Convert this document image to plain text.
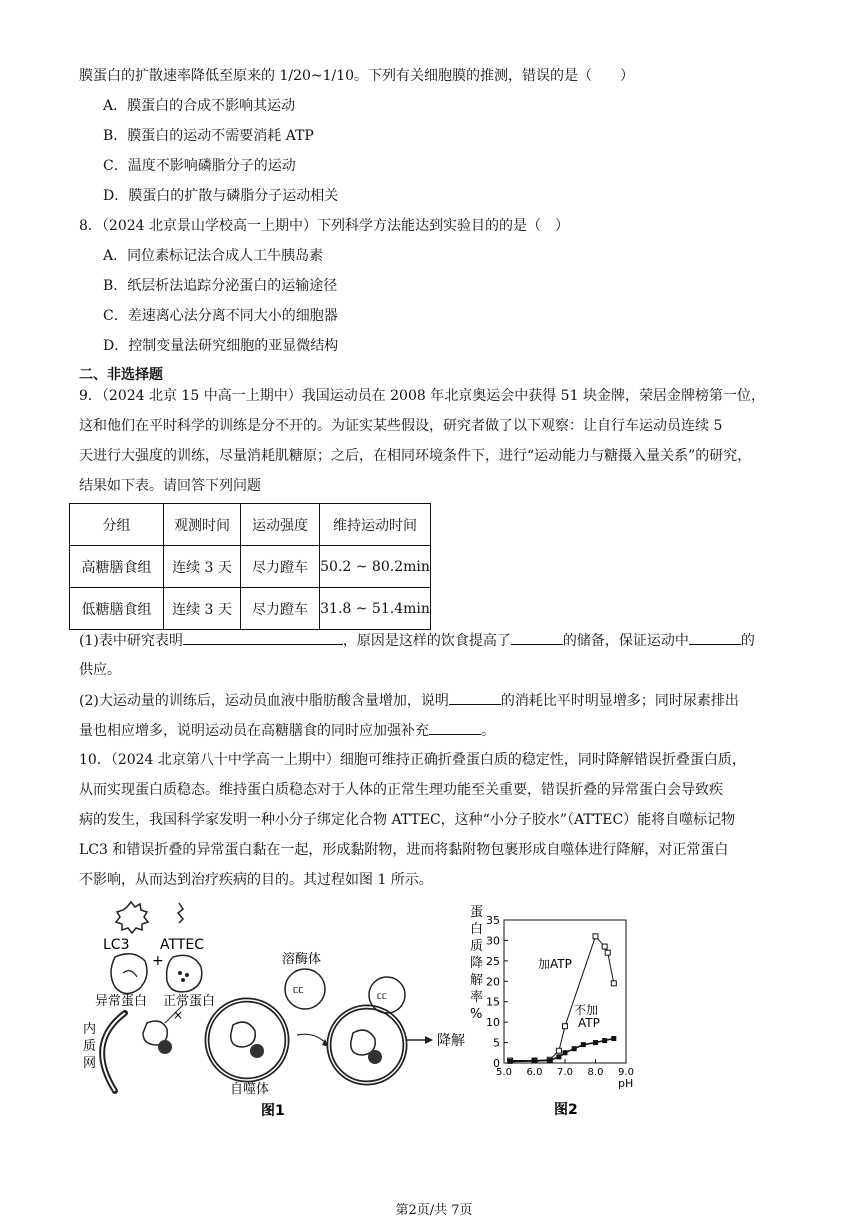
膜蛋白的扩散速率降低至原来的 1/20~1/10。下列有关细胞膜的推测，错误的是（　　）
A．膜蛋白的合成不影响其运动
B．膜蛋白的运动不需要消耗 ATP
C．温度不影响磷脂分子的运动
D．膜蛋白的扩散与磷脂分子运动相关
8．（2024 北京景山学校高一上期中）下列科学方法能达到实验目的的是（　）
A．同位素标记法合成人工牛胰岛素
B．纸层析法追踪分泌蛋白的运输途径
C．差速离心法分离不同大小的细胞器
D．控制变量法研究细胞的亚显微结构
二、非选择题
9．（2024 北京 15 中高一上期中）我国运动员在 2008 年北京奥运会中获得 51 块金牌，荣居金牌榜第一位，
这和他们在平时科学的训练是分不开的。为证实某些假设，研究者做了以下观察：让自行车运动员连续 5
天进行大强度的训练，尽量消耗肌糖原；之后，在相同环境条件下，进行“运动能力与糖摄入量关系”的研究，
结果如下表。请回答下列问题
分组	观测时间	运动强度	维持运动时间
高糖膳食组	连续 3 天	尽力蹬车	50.2 ~ 80.2min
低糖膳食组	连续 3 天	尽力蹬车	31.8 ~ 51.4min
(1)表中研究表明	，原因是这样的饮食提高了	的储备，保证运动中	的
供应。
(2)大运动量的训练后，运动员血液中脂肪酸含量增加，说明	的消耗比平时明显增多；同时尿素排出
量也相应增多，说明运动员在高糖膳食的同时应加强补充	。
10．（2024 北京第八十中学高一上期中）细胞可维持正确折叠蛋白质的稳定性，同时降解错误折叠蛋白质，
从而实现蛋白质稳态。维持蛋白质稳态对于人体的正常生理功能至关重要，错误折叠的异常蛋白会导致疾
病的发生，我国科学家发明一种小分子绑定化合物 ATTEC，这种“小分子胶水”（ATTEC）能将自噬标记物
LC3 和错误折叠的异常蛋白黏在一起，形成黏附物，进而将黏附物包裹形成自噬体进行降解，对正常蛋白
不影响，从而达到治疗疾病的目的。其过程如图 1 所示。
LC3 ATTEC
+
异常蛋白 正常蛋白
×
内
质
网
自噬体
溶酶体
ᥴᥴ
ᥴᥴ
降解
图1
蛋
白
质
降
解
率
%
0
5
10
15
20
25
30
35
5.0 6.0 7.0 8.0 9.0
pH
加ATP
不加
ATP
图2
第2页/共 7页
